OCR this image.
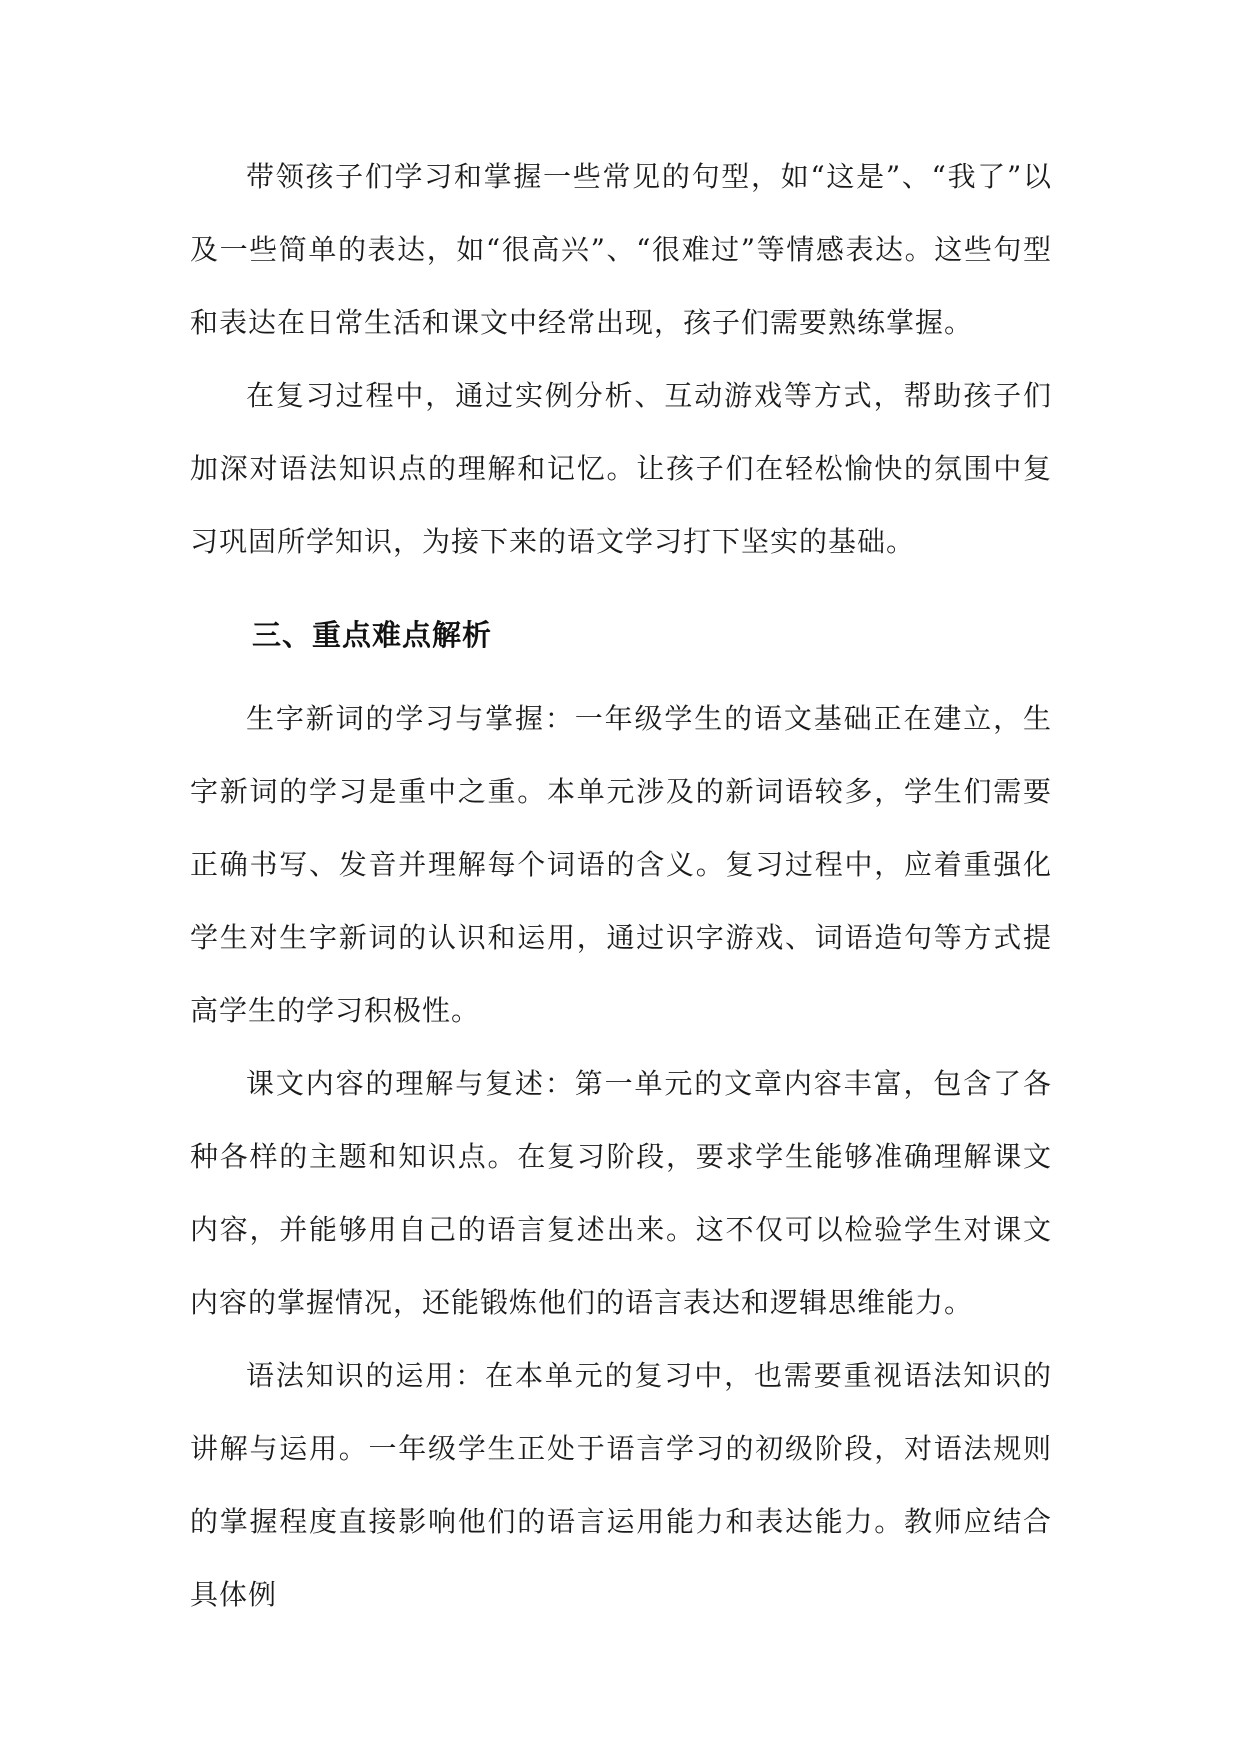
带领孩子们学习和掌握一些常见的句型，如“这是”、“我了”以及一些简单的表达，如“很高兴”、“很难过”等情感表达。这些句型和表达在日常生活和课文中经常出现，孩子们需要熟练掌握。

在复习过程中，通过实例分析、互动游戏等方式，帮助孩子们加深对语法知识点的理解和记忆。让孩子们在轻松愉快的氛围中复习巩固所学知识，为接下来的语文学习打下坚实的基础。

三、重点难点解析

生字新词的学习与掌握：一年级学生的语文基础正在建立，生字新词的学习是重中之重。本单元涉及的新词语较多，学生们需要正确书写、发音并理解每个词语的含义。复习过程中，应着重强化学生对生字新词的认识和运用，通过识字游戏、词语造句等方式提高学生的学习积极性。

课文内容的理解与复述：第一单元的文章内容丰富，包含了各种各样的主题和知识点。在复习阶段，要求学生能够准确理解课文内容，并能够用自己的语言复述出来。这不仅可以检验学生对课文内容的掌握情况，还能锻炼他们的语言表达和逻辑思维能力。

语法知识的运用：在本单元的复习中，也需要重视语法知识的讲解与运用。一年级学生正处于语言学习的初级阶段，对语法规则的掌握程度直接影响他们的语言运用能力和表达能力。教师应结合具体例
